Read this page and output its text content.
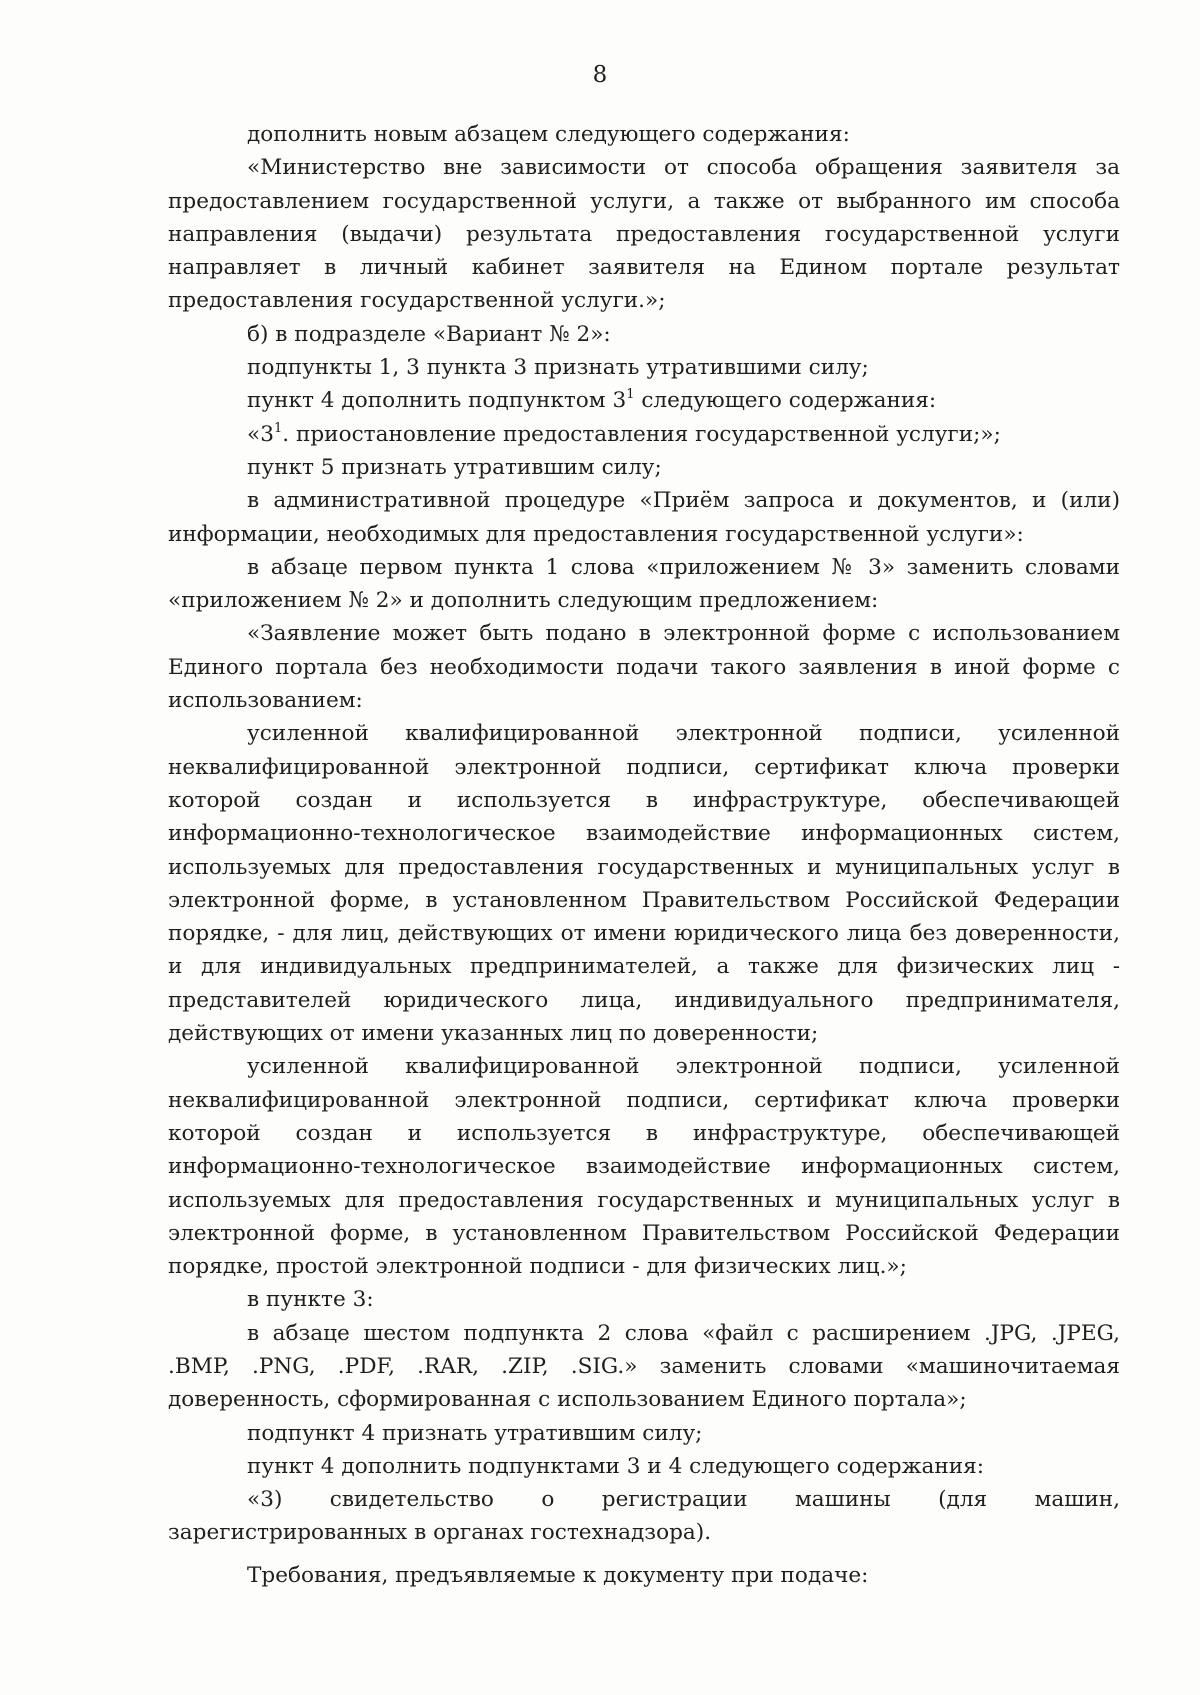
8

дополнить новым абзацем следующего содержания:

«Министерство вне зависимости от способа обращения заявителя за предоставлением государственной услуги, а также от выбранного им способа направления (выдачи) результата предоставления государственной услуги направляет в личный кабинет заявителя на Едином портале результат предоставления государственной услуги.»;

б) в подразделе «Вариант № 2»:

подпункты 1, 3 пункта 3 признать утратившими силу;

пункт 4 дополнить подпунктом $3^1$ следующего содержания:

«$3^1$. приостановление предоставления государственной услуги;»;

пункт 5 признать утратившим силу;

в административной процедуре «Приём запроса и документов, и (или) информации, необходимых для предоставления государственной услуги»:

в абзаце первом пункта 1 слова «приложением № 3» заменить словами «приложением № 2» и дополнить следующим предложением:

«Заявление может быть подано в электронной форме с использованием Единого портала без необходимости подачи такого заявления в иной форме с использованием:

усиленной квалифицированной электронной подписи, усиленной неквалифицированной электронной подписи, сертификат ключа проверки которой создан и используется в инфраструктуре, обеспечивающей информационно-технологическое взаимодействие информационных систем, используемых для предоставления государственных и муниципальных услуг в электронной форме, в установленном Правительством Российской Федерации порядке, - для лиц, действующих от имени юридического лица без доверенности, и для индивидуальных предпринимателей, а также для физических лиц - представителей юридического лица, индивидуального предпринимателя, действующих от имени указанных лиц по доверенности;

усиленной квалифицированной электронной подписи, усиленной неквалифицированной электронной подписи, сертификат ключа проверки которой создан и используется в инфраструктуре, обеспечивающей информационно-технологическое взаимодействие информационных систем, используемых для предоставления государственных и муниципальных услуг в электронной форме, в установленном Правительством Российской Федерации порядке, простой электронной подписи - для физических лиц.»;

в пункте 3:

в абзаце шестом подпункта 2 слова «файл с расширением .JPG, .JPEG, .BMP, .PNG, .PDF, .RAR, .ZIP, .SIG.» заменить словами «машиночитаемая доверенность, сформированная с использованием Единого портала»;

подпункт 4 признать утратившим силу;

пункт 4 дополнить подпунктами 3 и 4 следующего содержания:

«3) свидетельство о регистрации машины (для машин, зарегистрированных в органах гостехнадзора).

Требования, предъявляемые к документу при подаче:
